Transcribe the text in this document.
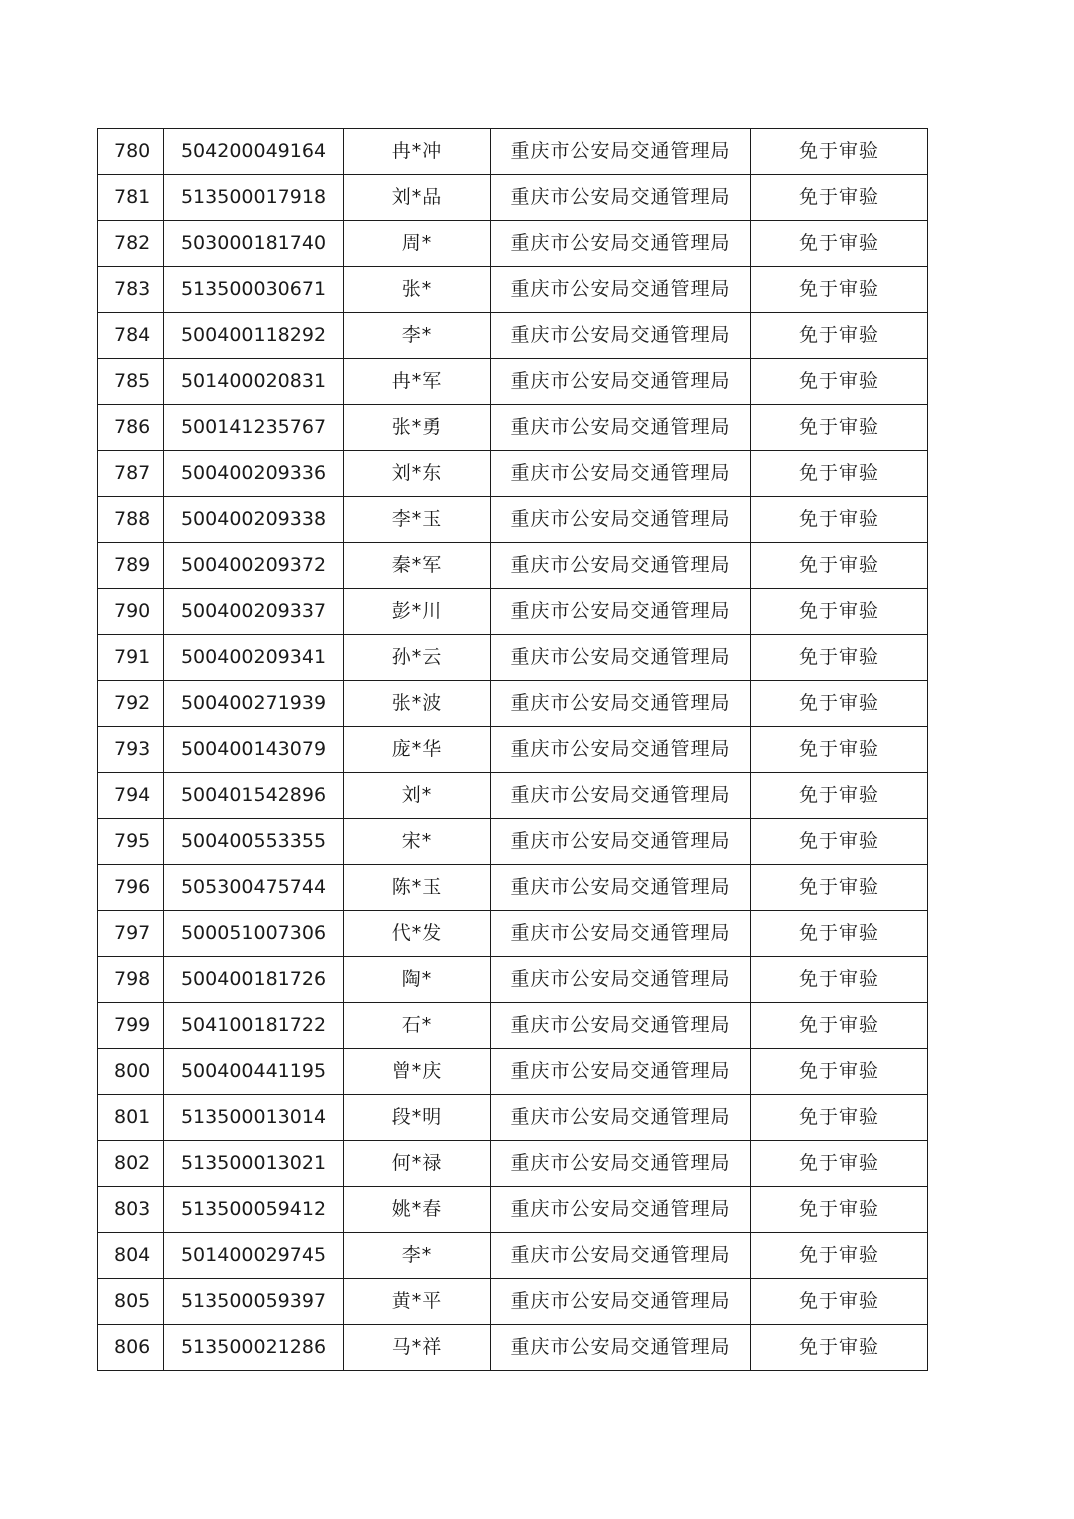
780	504200049164	冉*冲	重庆市公安局交通管理局	免于审验
781	513500017918	刘*品	重庆市公安局交通管理局	免于审验
782	503000181740	周*	重庆市公安局交通管理局	免于审验
783	513500030671	张*	重庆市公安局交通管理局	免于审验
784	500400118292	李*	重庆市公安局交通管理局	免于审验
785	501400020831	冉*军	重庆市公安局交通管理局	免于审验
786	500141235767	张*勇	重庆市公安局交通管理局	免于审验
787	500400209336	刘*东	重庆市公安局交通管理局	免于审验
788	500400209338	李*玉	重庆市公安局交通管理局	免于审验
789	500400209372	秦*军	重庆市公安局交通管理局	免于审验
790	500400209337	彭*川	重庆市公安局交通管理局	免于审验
791	500400209341	孙*云	重庆市公安局交通管理局	免于审验
792	500400271939	张*波	重庆市公安局交通管理局	免于审验
793	500400143079	庞*华	重庆市公安局交通管理局	免于审验
794	500401542896	刘*	重庆市公安局交通管理局	免于审验
795	500400553355	宋*	重庆市公安局交通管理局	免于审验
796	505300475744	陈*玉	重庆市公安局交通管理局	免于审验
797	500051007306	代*发	重庆市公安局交通管理局	免于审验
798	500400181726	陶*	重庆市公安局交通管理局	免于审验
799	504100181722	石*	重庆市公安局交通管理局	免于审验
800	500400441195	曾*庆	重庆市公安局交通管理局	免于审验
801	513500013014	段*明	重庆市公安局交通管理局	免于审验
802	513500013021	何*禄	重庆市公安局交通管理局	免于审验
803	513500059412	姚*春	重庆市公安局交通管理局	免于审验
804	501400029745	李*	重庆市公安局交通管理局	免于审验
805	513500059397	黄*平	重庆市公安局交通管理局	免于审验
806	513500021286	马*祥	重庆市公安局交通管理局	免于审验
